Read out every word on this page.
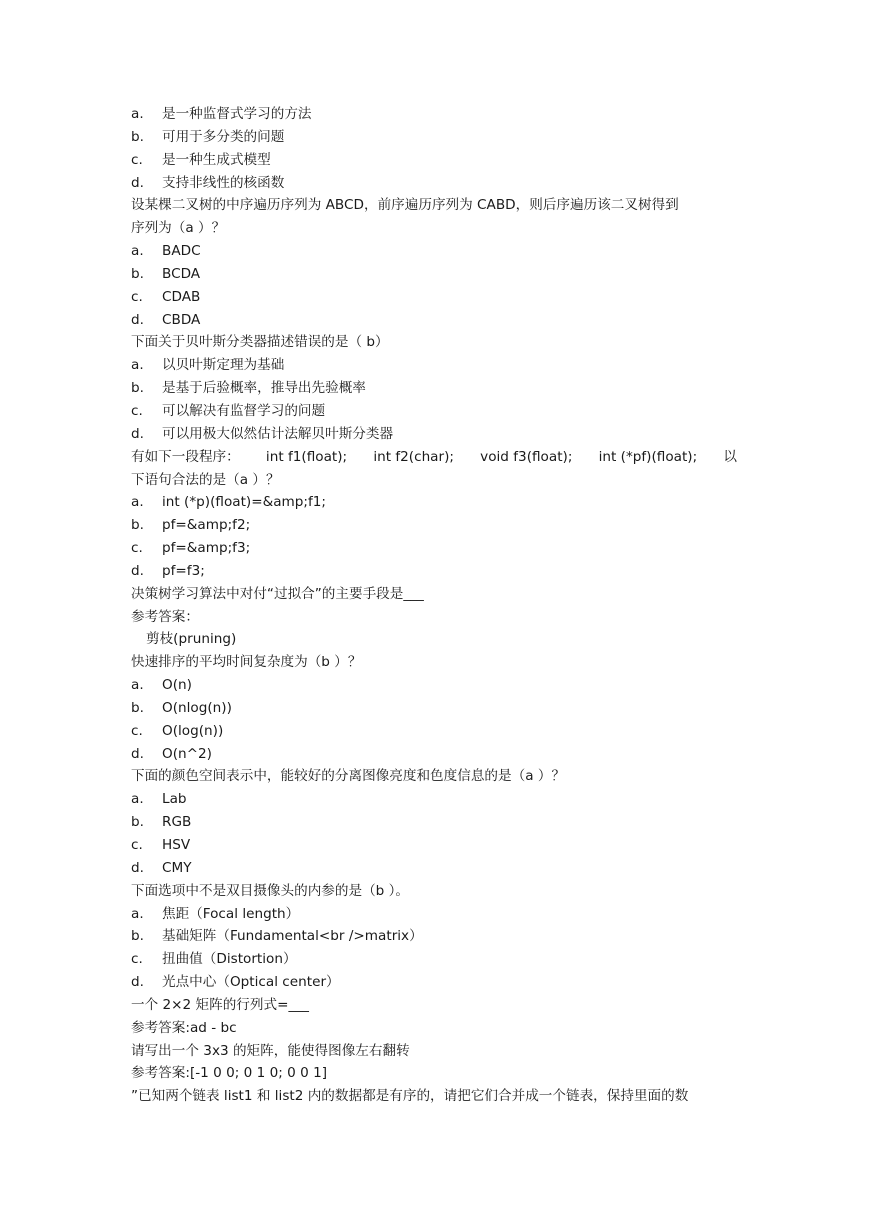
a. 是一种监督式学习的方法
b. 可用于多分类的问题
c. 是一种生成式模型
d. 支持非线性的核函数
设某棵二叉树的中序遍历序列为 ABCD，前序遍历序列为 CABD，则后序遍历该二叉树得到
序列为（a ）？
a. BADC
b. BCDA
c. CDAB
d. CBDA
下面关于贝叶斯分类器描述错误的是（ b）
a. 以贝叶斯定理为基础
b. 是基于后验概率，推导出先验概率
c. 可以解决有监督学习的问题
d. 可以用极大似然估计法解贝叶斯分类器
有如下一段程序： int f1(float); int f2(char); void f3(float); int (*pf)(float); 以
下语句合法的是（a ）？
a. int (*p)(float)=&amp;f1;
b. pf=&amp;f2;
c. pf=&amp;f3;
d. pf=f3;
决策树学习算法中对付“过拟合”的主要手段是___
参考答案：
剪枝(pruning)
快速排序的平均时间复杂度为（b ）？
a. O(n)
b. O(nlog(n))
c. O(log(n))
d. O(n^2)
下面的颜色空间表示中，能较好的分离图像亮度和色度信息的是（a ）？
a. Lab
b. RGB
c. HSV
d. CMY
下面选项中不是双目摄像头的内参的是（b ）。
a. 焦距（Focal length）
b. 基础矩阵（Fundamental<br />matrix）
c. 扭曲值（Distortion）
d. 光点中心（Optical center）
一个 2×2 矩阵的行列式=___
参考答案:ad - bc
请写出一个 3x3 的矩阵，能使得图像左右翻转
参考答案:[-1 0 0; 0 1 0; 0 0 1]
”已知两个链表 list1 和 list2 内的数据都是有序的，请把它们合并成一个链表，保持里面的数
